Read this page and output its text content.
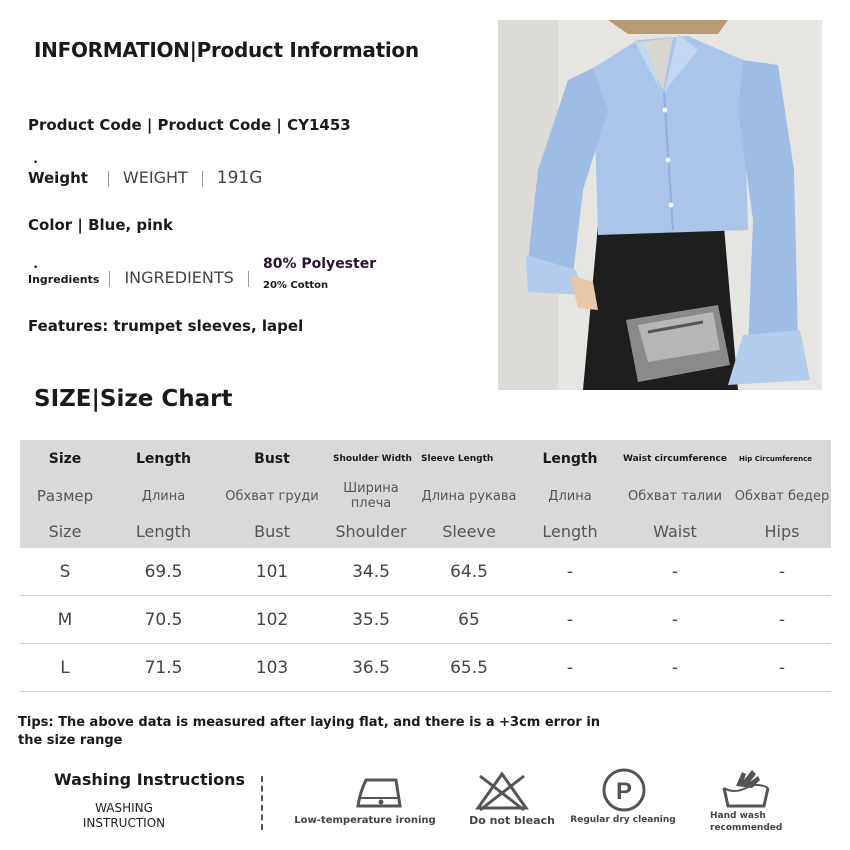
INFORMATION|Product Information
Product Code | Product Code | CY1453
•
Weight WEIGHT 191G
Color | Blue, pink
•
Ingredients INGREDIENTS
80% Polyester
20% Cotton
Features: trumpet sleeves, lapel
SIZE|Size Chart
Size	Length	Bust	Shoulder Width	Sleeve Length	Length	Waist circumference	Hip Circumference
Размер	Длина	Обхват груди	Ширина плеча	Длина рукава	Длина	Обхват талии	Обхват бедер
Size	Length	Bust	Shoulder	Sleeve	Length	Waist	Hips
S	69.5	101	34.5	64.5	-	-	-
M	70.5	102	35.5	65	-	-	-
L	71.5	103	36.5	65.5	-	-	-
Tips: The above data is measured after laying flat, and there is a +3cm error in the size range
Washing Instructions
WASHING INSTRUCTION	Low-temperature ironing	Do not bleach
P
Regular dry cleaning	Hand wash recommended
